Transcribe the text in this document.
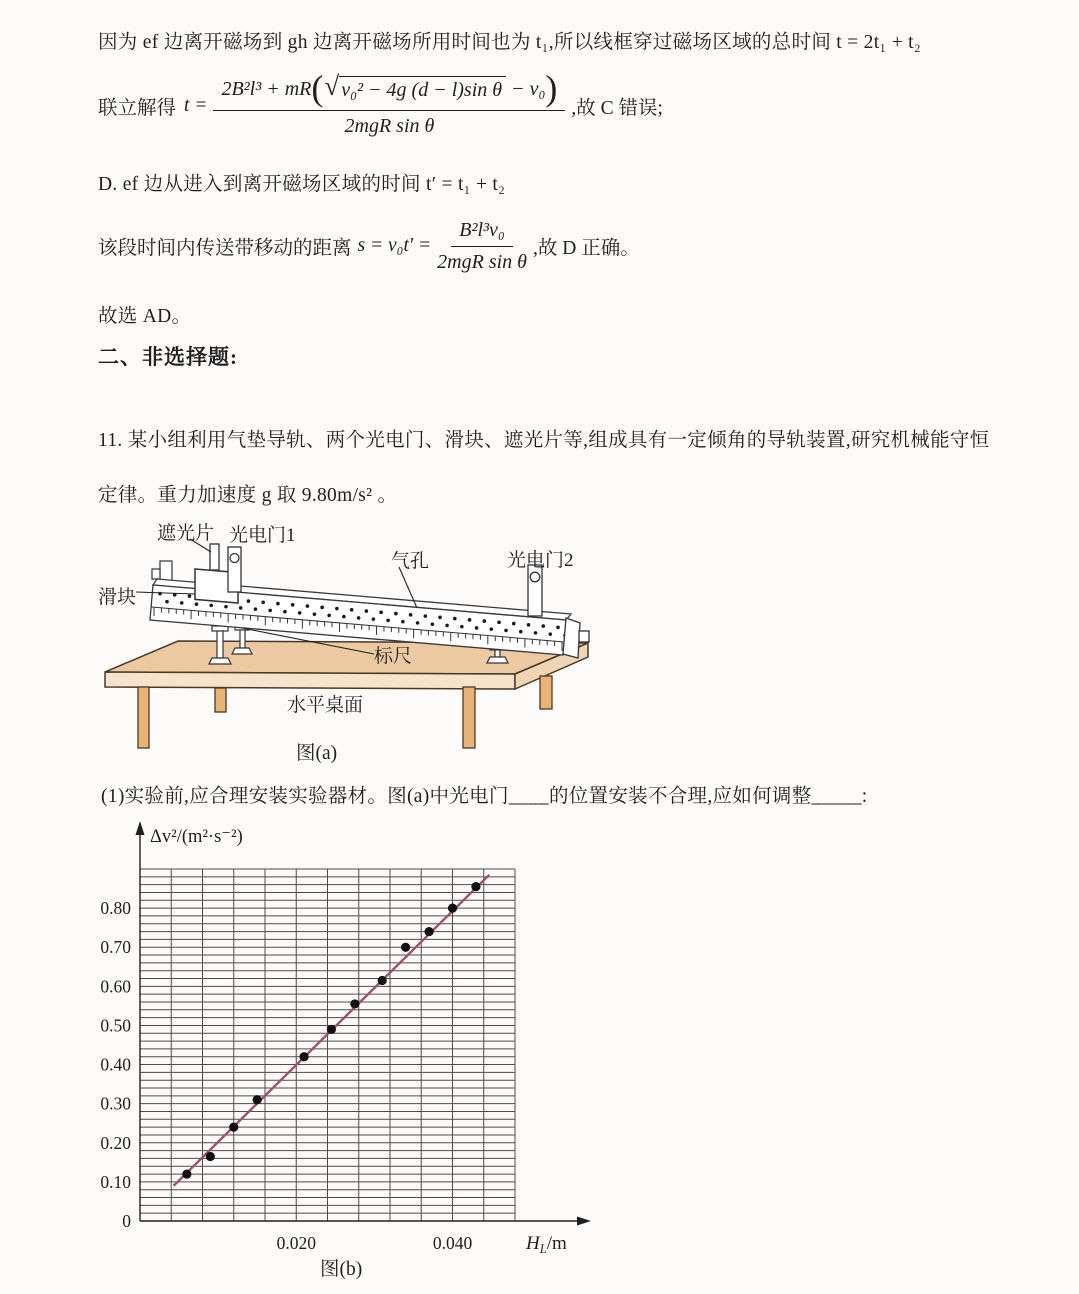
因为 ef 边离开磁场到 gh 边离开磁场所用时间也为 t₁,所以线框穿过磁场区域的总时间 t = 2t₁ + t₂
联立解得 t =
2B²l³ + mR ( √ v₀² − 4g (d − l)sin θ − v₀ )
2mgR sin θ
,故 C 错误;
D. ef 边从进入到离开磁场区域的时间 t′ = t₁ + t₂
该段时间内传送带移动的距离 $s = v_0t' = \frac{\text{B²l³v₀}}{\text{2mgR sin θ}}$ ,故 D 正确。
故选 AD。
二、非选择题:
11. 某小组利用气垫导轨、两个光电门、滑块、遮光片等,组成具有一定倾角的导轨装置,研究机械能守恒
定律。重力加速度 g 取 9.80m/s² 。
遮光片 光电门1
气孔	光电门2
滑块
标尺
水平桌面
图(a)
(1)实验前,应合理安装实验器材。图(a)中光电门____的位置安装不合理,应如何调整_____:
0
0.10
0.20
0.30
0.40
0.50
0.60
0.70
0.80
0.020	0.040
Δv²/(m²·s⁻²)
$H_L/m$
图(b)
